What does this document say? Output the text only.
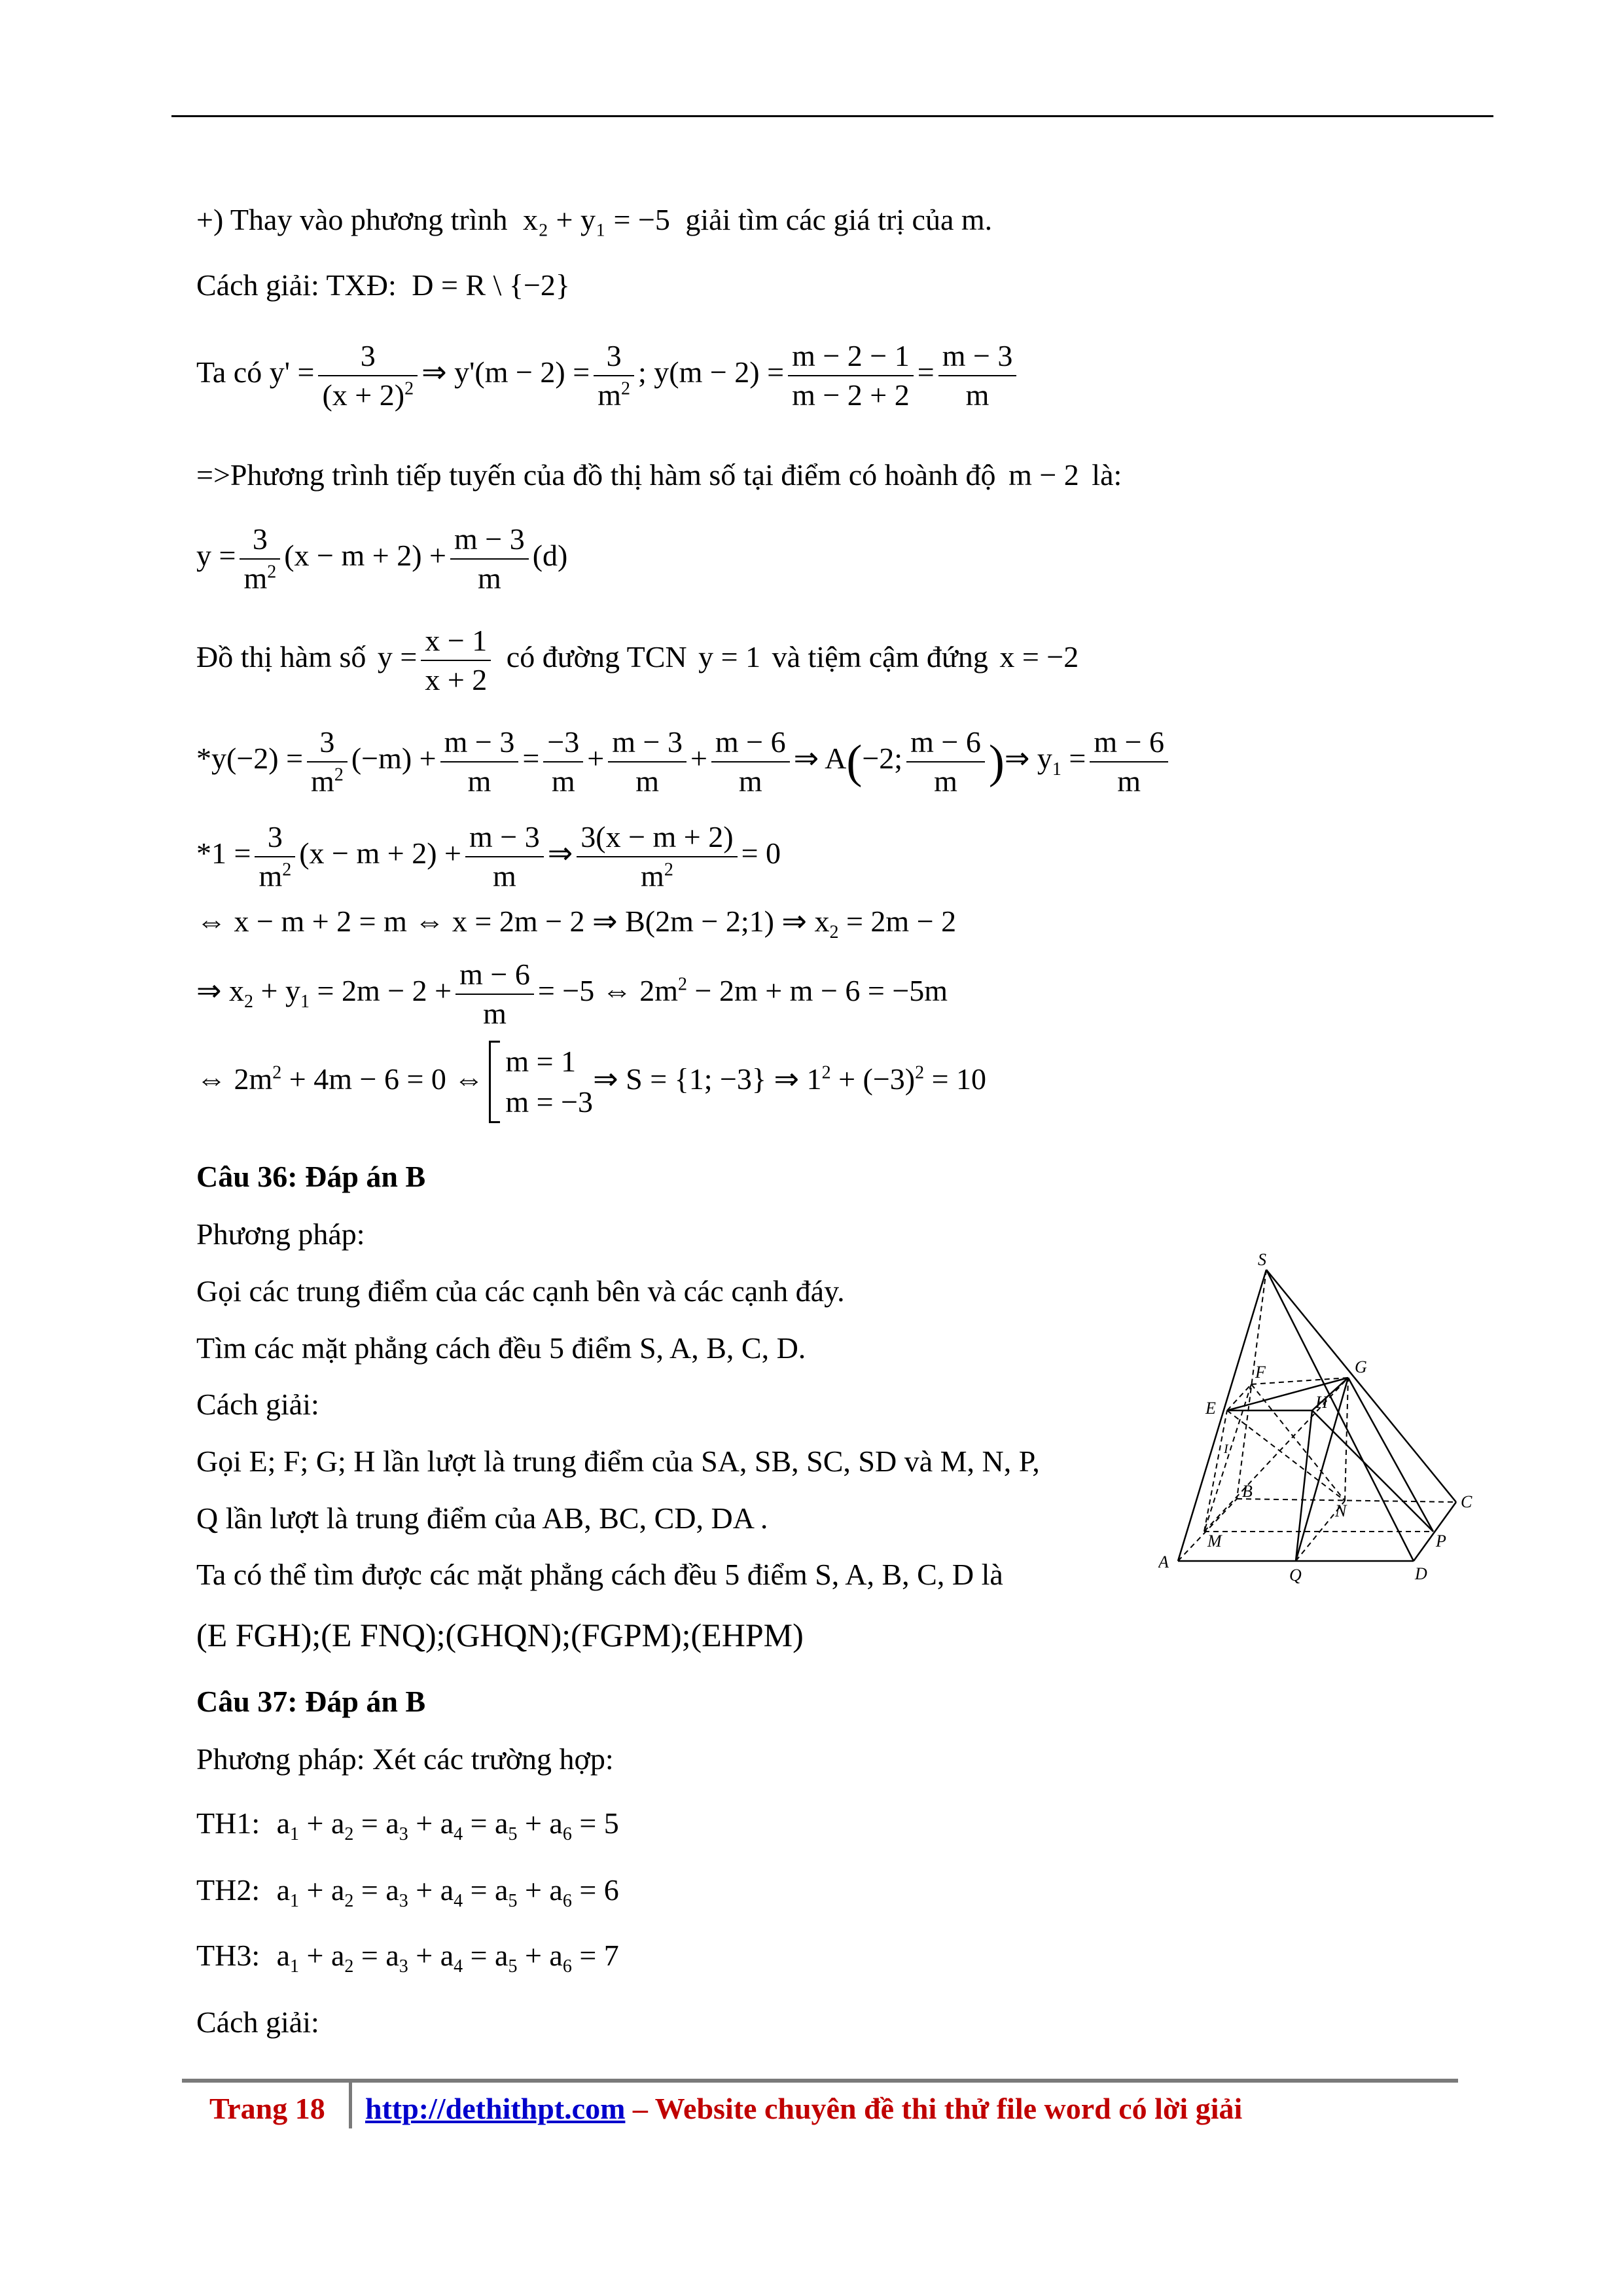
+) Thay vào phương trình x₂ + y₁ = −5 giải tìm các giá trị của m.
Cách giải: TXĐ: D = R \ {−2}
Ta có $y' = \frac{3}{(x + 2)^2}$ ⇒ $y'(m - 2) = \frac{3}{m^2}$ ; $y(m - 2) = \frac{m - 2 - 1}{m - 2 + 2} = \frac{m - 3}{m}$
=>Phương trình tiếp tuyến của đồ thị hàm số tại điểm có hoành độ m − 2 là:
$y = \frac{3}{m^2} (x - m + 2) + \frac{m - 3}{m} (d)$
Đồ thị hàm số $y = \frac{x - 1}{x + 2}$ có đường TCN y = 1 và tiệm cậm đứng x = −2
$*y(-2) = \frac{3}{m^2} (-m) + \frac{m - 3}{m} = \frac{-3}{m} + \frac{m - 3}{m} + \frac{m - 6}{m}$ ⇒ A(−2; $\frac{m - 6}{m}$ )⇒ $y_1 = \frac{m - 6}{m}$
$*1 = \frac{3}{m^2} (x - m + 2) + \frac{m - 3}{m}$ ⇒ $\frac{3(x - m + 2)}{m^2} = 0$
⇔ x − m + 2 = m ⇔ x = 2m − 2 ⇒ B(2m − 2;1) ⇒ $x_2 = 2m - 2$
⇒ $x_2 + y_1 = 2m - 2 + \frac{m - 6}{m} = -5$ ⇔ $2m^2 - 2m + m - 6 = -5m$
⇔ $2m^2 + 4m - 6 = 0$ ⇔
m = 1
m = −3
⇒ S = {1; −3} ⇒ $1^2 + (-3)^2 = 10$
Câu 36: Đáp án B
Phương pháp:
Gọi các trung điểm của các cạnh bên và các cạnh đáy.
Tìm các mặt phẳng cách đều 5 điểm S, A, B, C, D.
Cách giải:
Gọi E; F; G; H lần lượt là trung điểm của SA, SB, SC, SD và M, N, P,
Q lần lượt là trung điểm của AB, BC, CD, DA .
Ta có thể tìm được các mặt phẳng cách đều 5 điểm S, A, B, C, D là
(E FGH);(E FNQ);(GHQN);(FGPM);(EHPM)
Câu 37: Đáp án B
Phương pháp: Xét các trường hợp:
TH1: $a_1 + a_2 = a_3 + a_4 = a_5 + a_6 = 5$
TH2: $a_1 + a_2 = a_3 + a_4 = a_5 + a_6 = 6$
TH3: $a_1 + a_2 = a_3 + a_4 = a_5 + a_6 = 7$
Cách giải:
S
A
B
C
D
E
F	G
H
M
N
P
Q
I
Trang 18 http://dethithpt.com – Website chuyên đề thi thử file word có lời giải
